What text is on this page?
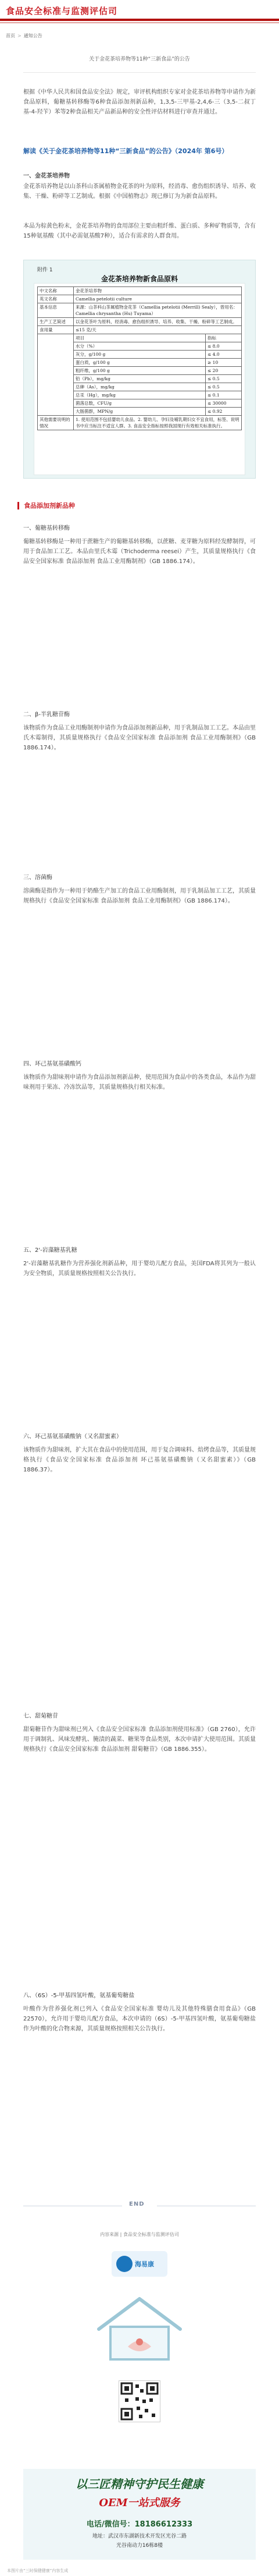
食品安全标准与监测评估司
首页 > 通知公告
关于金花茶培养物等11种“三新食品”的公告
根据《中华人民共和国食品安全法》规定，审评机构组织专家对金花茶培养物等申请作为新食品原料，葡糖基转移酶等6种食品添加剂新品种，1,3,5-三甲基-2,4,6-三（3,5-二叔丁基-4-羟苄）苯等2种食品相关产品新品种的安全性评估材料进行审查并通过。
解读《关于金花茶培养物等11种“三新食品”的公告》（2024年 第6号）
一、金花茶培养物
金花茶培养物是以山茶科山茶属植物金花茶的叶为原料，经消毒、愈伤组织诱导、培养、收集、干燥、粉碎等工艺制成。根据《中国植物志》现已修订为为新食品原料。
本品为棕黄色粉末，金花茶培养物的食用部位主要由粗纤维、蛋白质、多种矿物质等，含有15种氨基酸（其中必需氨基酸7种），适合有需求的人群食用。
附件 1
金花茶培养物新食品原料
中文名称	金花茶培养物	
英文名称	Camellia petelotii culture	
基本信息	来源：山茶科山茶属植物金花茶（Camellia petelotii (Merrill) Sealy），曾用名：Camellia chrysantha (Hu) Tuyama）	
生产工艺简述	以金花茶叶为原料，经消毒、愈伤组织诱导、培养、收集、干燥、粉碎等工艺制成。	
食用量	≤15 克/天	
	项目	指标
	水分（%）	≤ 8.0
	灰分，g/100 g	≤ 4.0
	蛋白质，g/100 g	≥ 10
	粗纤维，g/100 g	≤ 20
	铅（Pb），mg/kg	≤ 0.5
	总砷（As），mg/kg	≤ 0.5
	总汞（Hg），mg/kg	≤ 0.1
	菌落总数，CFU/g	≤ 30000
	大肠菌群，MPN/g	≤ 0.92
其他需要说明的情况	1. 使用范围不包括婴幼儿食品。2. 婴幼儿、孕妇及哺乳期妇女不宜食用，标签、说明书中应当标注不适宜人群。3. 食品安全指标按照我国现行有效相关标准执行。	
食品添加剂新品种
一、葡糖基转移酶
葡糖基转移酶是一种用于蔗糖生产的葡糖基转移酶，以蔗糖、麦芽糖为原料经发酵制得，可用于食品加工工艺。本品由里氏木霉（Trichoderma reesei）产生，其质量规格执行《食品安全国家标准 食品添加剂 食品工业用酶制剂》（GB 1886.174）。
二、β-半乳糖苷酶
该物质作为食品工业用酶制剂申请作为食品添加剂新品种，用于乳制品加工工艺。本品由里氏木霉制得，其质量规格执行《食品安全国家标准 食品添加剂 食品工业用酶制剂》（GB 1886.174）。
三、溶菌酶
溶菌酶是指作为一种用于奶酪生产加工的食品工业用酶制剂，用于乳制品加工工艺，其质量规格执行《食品安全国家标准 食品添加剂 食品工业用酶制剂》（GB 1886.174）。
四、环己基氨基磺酸钙
该物质作为甜味剂申请作为食品添加剂新品种，使用范围为食品中的各类食品，本品作为甜味剂用于果冻、冷冻饮品等，其质量规格执行相关标准。
五、2'-岩藻糖基乳糖
2'-岩藻糖基乳糖作为营养强化剂新品种，用于婴幼儿配方食品，美国FDA将其列为一般认为安全物质，其质量规格按照相关公告执行。
六、环己基氨基磺酸钠（又名甜蜜素）
该物质作为甜味剂，扩大其在食品中的使用范围，用于复合调味料、焙烤食品等，其质量规格执行《食品安全国家标准 食品添加剂 环己基氨基磺酸钠（又名甜蜜素）》（GB 1886.37）。
七、甜菊糖苷
甜菊糖苷作为甜味剂已列入《食品安全国家标准 食品添加剂使用标准》（GB 2760），允许用于调制乳、风味发酵乳、腌渍的蔬菜、糖果等食品类别，本次申请扩大使用范围。其质量规格执行《食品安全国家标准 食品添加剂 甜菊糖苷》（GB 1886.355）。
八、（6S）-5-甲基四氢叶酸，氨基葡萄糖盐
叶酸作为营养强化剂已列入《食品安全国家标准 婴幼儿及其他特殊膳食用食品》（GB 22570），允许用于婴幼儿配方食品，本次申请的（6S）-5-甲基四氢叶酸，氨基葡萄糖盐作为叶酸的化合物来源，其质量规格按照相关公告执行。
END
内容来源 | 食品安全标准与监测评估司
海易康
以三匠精神守护民生健康
OEM一站式服务
电话/微信号：18186612333
地址：武汉市东湖新技术开发区光谷二路
光谷南动力16栋8楼
本图片由“三时保健健康”内容生成
